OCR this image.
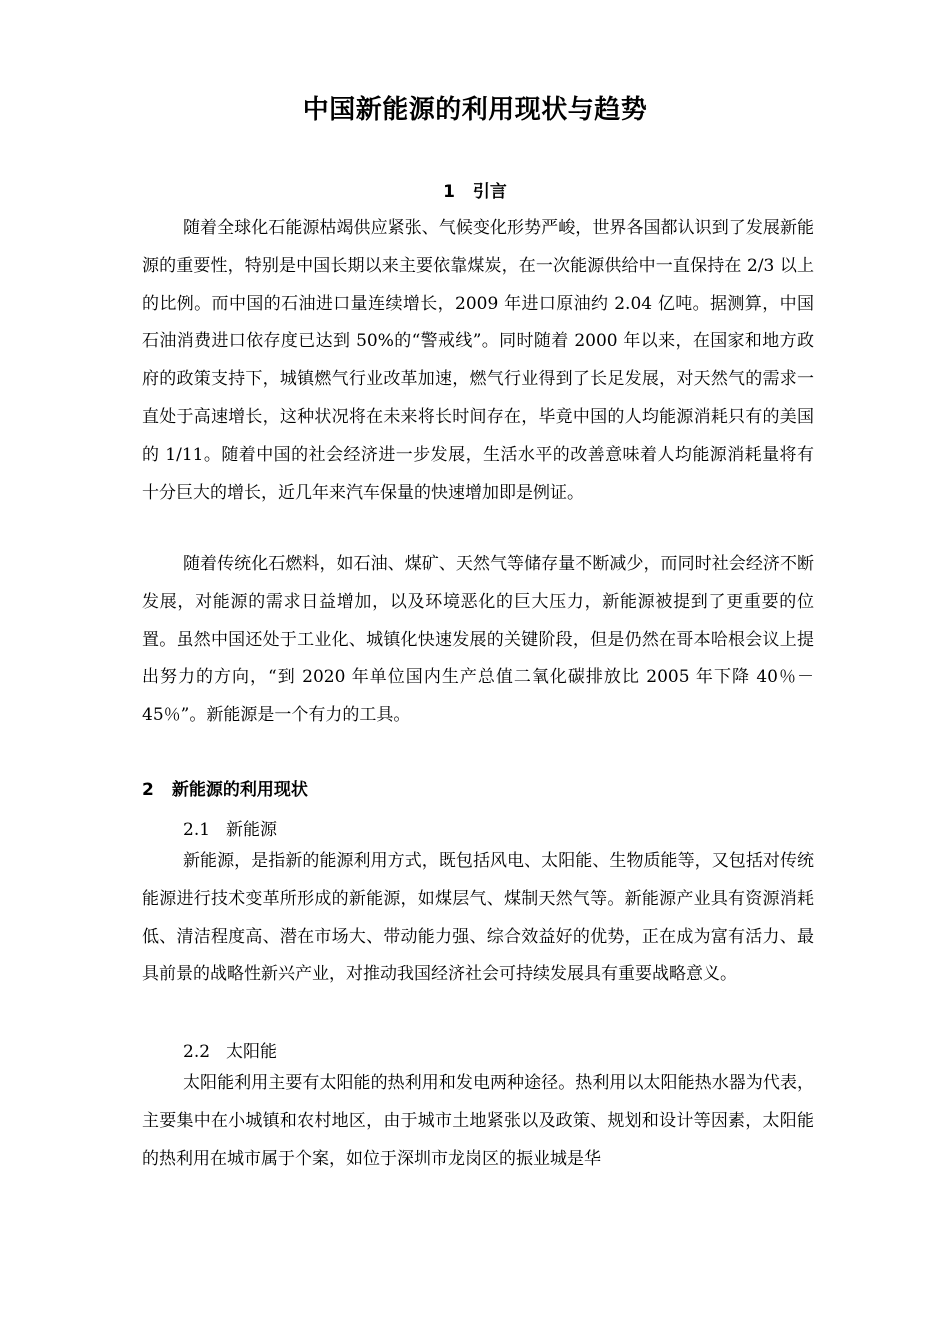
中国新能源的利用现状与趋势
1 引言

随着全球化石能源枯竭供应紧张、气候变化形势严峻，世界各国都认识到了发展新能源的重要性，特别是中国长期以来主要依靠煤炭，在一次能源供给中一直保持在 2/3 以上的比例。而中国的石油进口量连续增长，2009 年进口原油约 2.04 亿吨。据测算，中国石油消费进口依存度已达到 50%的“警戒线”。同时随着 2000 年以来，在国家和地方政府的政策支持下，城镇燃气行业改革加速，燃气行业得到了长足发展，对天然气的需求一直处于高速增长，这种状况将在未来将长时间存在，毕竟中国的人均能源消耗只有的美国的 1/11。随着中国的社会经济进一步发展，生活水平的改善意味着人均能源消耗量将有十分巨大的增长，近几年来汽车保量的快速增加即是例证。

随着传统化石燃料，如石油、煤矿、天然气等储存量不断减少，而同时社会经济不断发展，对能源的需求日益增加，以及环境恶化的巨大压力，新能源被提到了更重要的位置。虽然中国还处于工业化、城镇化快速发展的关键阶段，但是仍然在哥本哈根会议上提出努力的方向，“到 2020 年单位国内生产总值二氧化碳排放比 2005 年下降 40％－45％”。新能源是一个有力的工具。

2 新能源的利用现状
2.1 新能源

新能源，是指新的能源利用方式，既包括风电、太阳能、生物质能等，又包括对传统能源进行技术变革所形成的新能源，如煤层气、煤制天然气等。新能源产业具有资源消耗低、清洁程度高、潜在市场大、带动能力强、综合效益好的优势，正在成为富有活力、最具前景的战略性新兴产业，对推动我国经济社会可持续发展具有重要战略意义。

2.2 太阳能

太阳能利用主要有太阳能的热利用和发电两种途径。热利用以太阳能热水器为代表，主要集中在小城镇和农村地区，由于城市土地紧张以及政策、规划和设计等因素，太阳能的热利用在城市属于个案，如位于深圳市龙岗区的振业城是华
